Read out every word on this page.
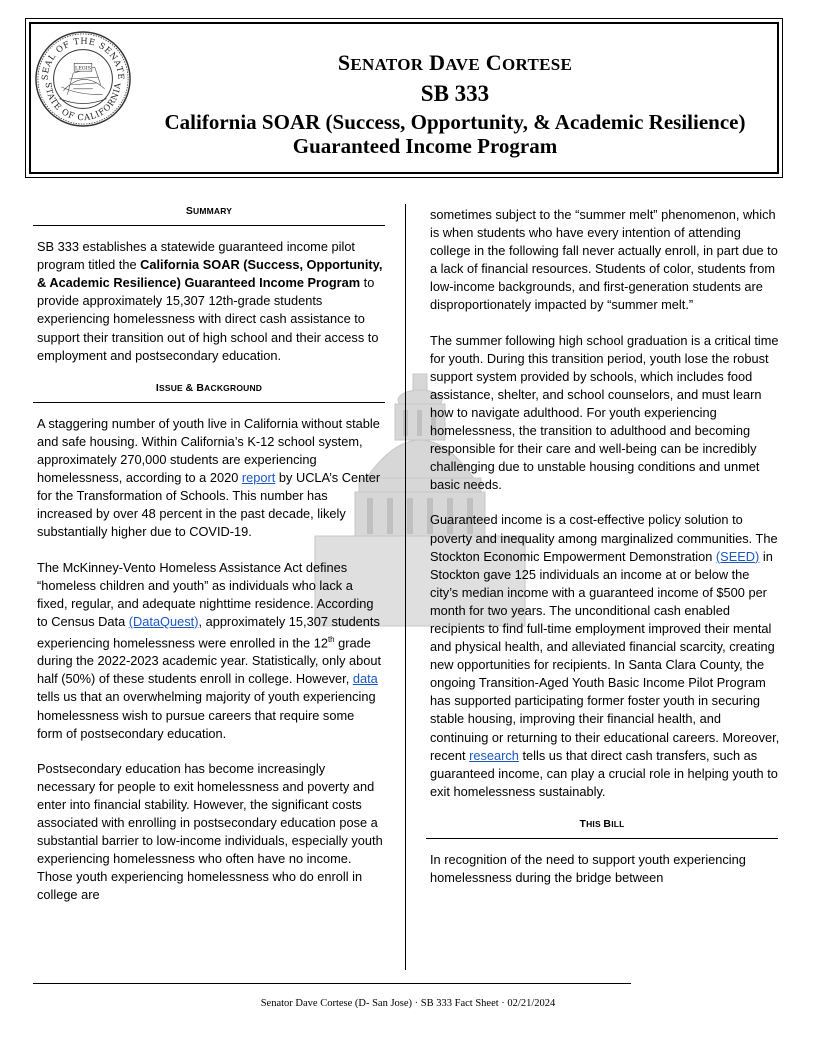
SEAL OF THE SENATE
STATE OF CALIFORNIA
LEGIS	SENATOR DAVE CORTESE
SB 333
California SOAR (Success, Opportunity, & Academic Resilience)
Guaranteed Income Program
SUMMARY

SB 333 establishes a statewide guaranteed income pilot program titled the California SOAR (Success, Opportunity, & Academic Resilience) Guaranteed Income Program to provide approximately 15,307 12th-grade students experiencing homelessness with direct cash assistance to support their transition out of high school and their access to employment and postsecondary education.

ISSUE & BACKGROUND

A staggering number of youth live in California without stable and safe housing. Within California’s K-12 school system, approximately 270,000 students are experiencing homelessness, according to a 2020 report by UCLA’s Center for the Transformation of Schools. This number has increased by over 48 percent in the past decade, likely substantially higher due to COVID-19.

The McKinney-Vento Homeless Assistance Act defines “homeless children and youth” as individuals who lack a fixed, regular, and adequate nighttime residence. According to Census Data (DataQuest), approximately 15,307 students experiencing homelessness were enrolled in the 12th grade during the 2022-2023 academic year. Statistically, only about half (50%) of these students enroll in college. However, data tells us that an overwhelming majority of youth experiencing homelessness wish to pursue careers that require some form of postsecondary education.

Postsecondary education has become increasingly necessary for people to exit homelessness and poverty and enter into financial stability. However, the significant costs associated with enrolling in postsecondary education pose a substantial barrier to low-income individuals, especially youth experiencing homelessness who often have no income. Those youth experiencing homelessness who do enroll in college are

sometimes subject to the “summer melt” phenomenon, which is when students who have every intention of attending college in the following fall never actually enroll, in part due to a lack of financial resources. Students of color, students from low-income backgrounds, and first-generation students are disproportionately impacted by “summer melt.”

The summer following high school graduation is a critical time for youth. During this transition period, youth lose the robust support system provided by schools, which includes food assistance, shelter, and school counselors, and must learn how to navigate adulthood. For youth experiencing homelessness, the transition to adulthood and becoming responsible for their care and well-being can be incredibly challenging due to unstable housing conditions and unmet basic needs.

Guaranteed income is a cost-effective policy solution to poverty and inequality among marginalized communities. The Stockton Economic Empowerment Demonstration (SEED) in Stockton gave 125 individuals an income at or below the city’s median income with a guaranteed income of $500 per month for two years. The unconditional cash enabled recipients to find full-time employment improved their mental and physical health, and alleviated financial scarcity, creating new opportunities for recipients. In Santa Clara County, the ongoing Transition-Aged Youth Basic Income Pilot Program has supported participating former foster youth in securing stable housing, improving their financial health, and continuing or returning to their educational careers. Moreover, recent research tells us that direct cash transfers, such as guaranteed income, can play a crucial role in helping youth to exit homelessness sustainably.

THIS BILL

In recognition of the need to support youth experiencing homelessness during the bridge between

Senator Dave Cortese (D- San Jose) · SB 333 Fact Sheet · 02/21/2024
